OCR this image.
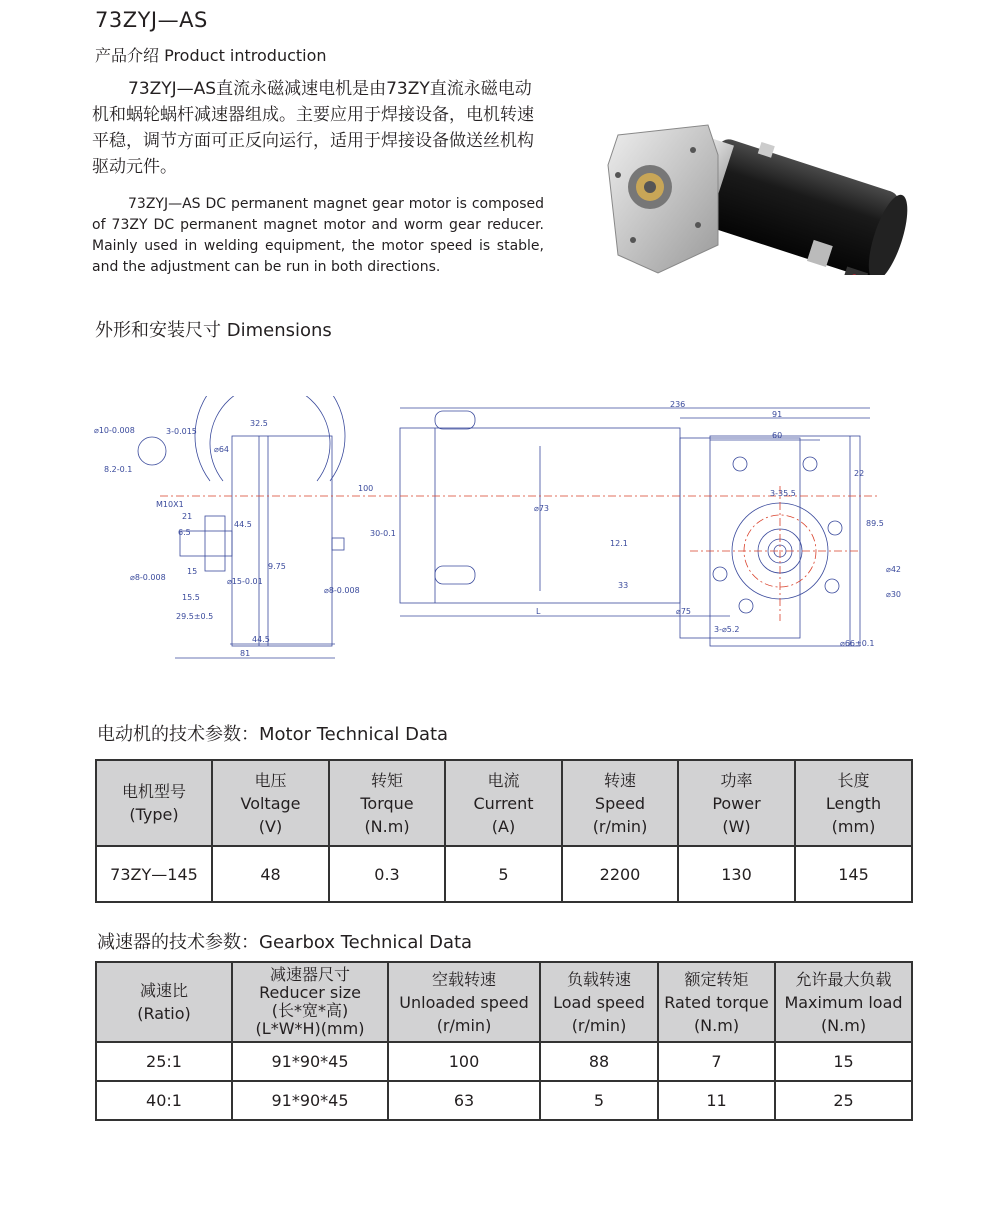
73ZYJ—AS
产品介绍 Product introduction
73ZYJ—AS直流永磁减速电机是由73ZY直流永磁电动机和蜗轮蜗杆减速器组成。主要应用于焊接设备，电机转速平稳，调节方面可正反向运行，适用于焊接设备做送丝机构驱动元件。
73ZYJ—AS DC permanent magnet gear motor is composed of 73ZY DC permanent magnet motor and worm gear reducer. Mainly used in welding equipment, the motor speed is stable, and the adjustment can be run in both directions.
外形和安装尺寸 Dimensions
⌀10-0.008	3-0.015
8.2-0.1
32.5
⌀64
100
M10X1
21
44.5
30-0.1
6.5
⌀8-0.008
15
9.75
⌀15-0.01
⌀8-0.008
15.5
29.5±0.5
44.5
81
236
91
60
22
⌀73
3-35.5
89.5
12.1
⌀42
33
⌀30
L	⌀75
3-⌀5.2
⌀66±0.1
电动机的技术参数：Motor Technical Data
电机型号
(Type)	电压
Voltage
(V)	转矩
Torque
(N.m)	电流
Current
(A)	转速
Speed
(r/min)	功率
Power
(W)	长度
Length
(mm)

73ZY—145	48	0.3	5	2200	130	145
减速器的技术参数：Gearbox Technical Data
减速比
(Ratio)	减速器尺寸
Reducer size
(长*宽*高)
(L*W*H)(mm)	空载转速
Unloaded speed
(r/min)	负载转速
Load speed
(r/min)	额定转矩
Rated torque
(N.m)	允许最大负载
Maximum load
(N.m)

25:1	91*90*45	100	88	7	15
40:1	91*90*45	63	5	11	25
